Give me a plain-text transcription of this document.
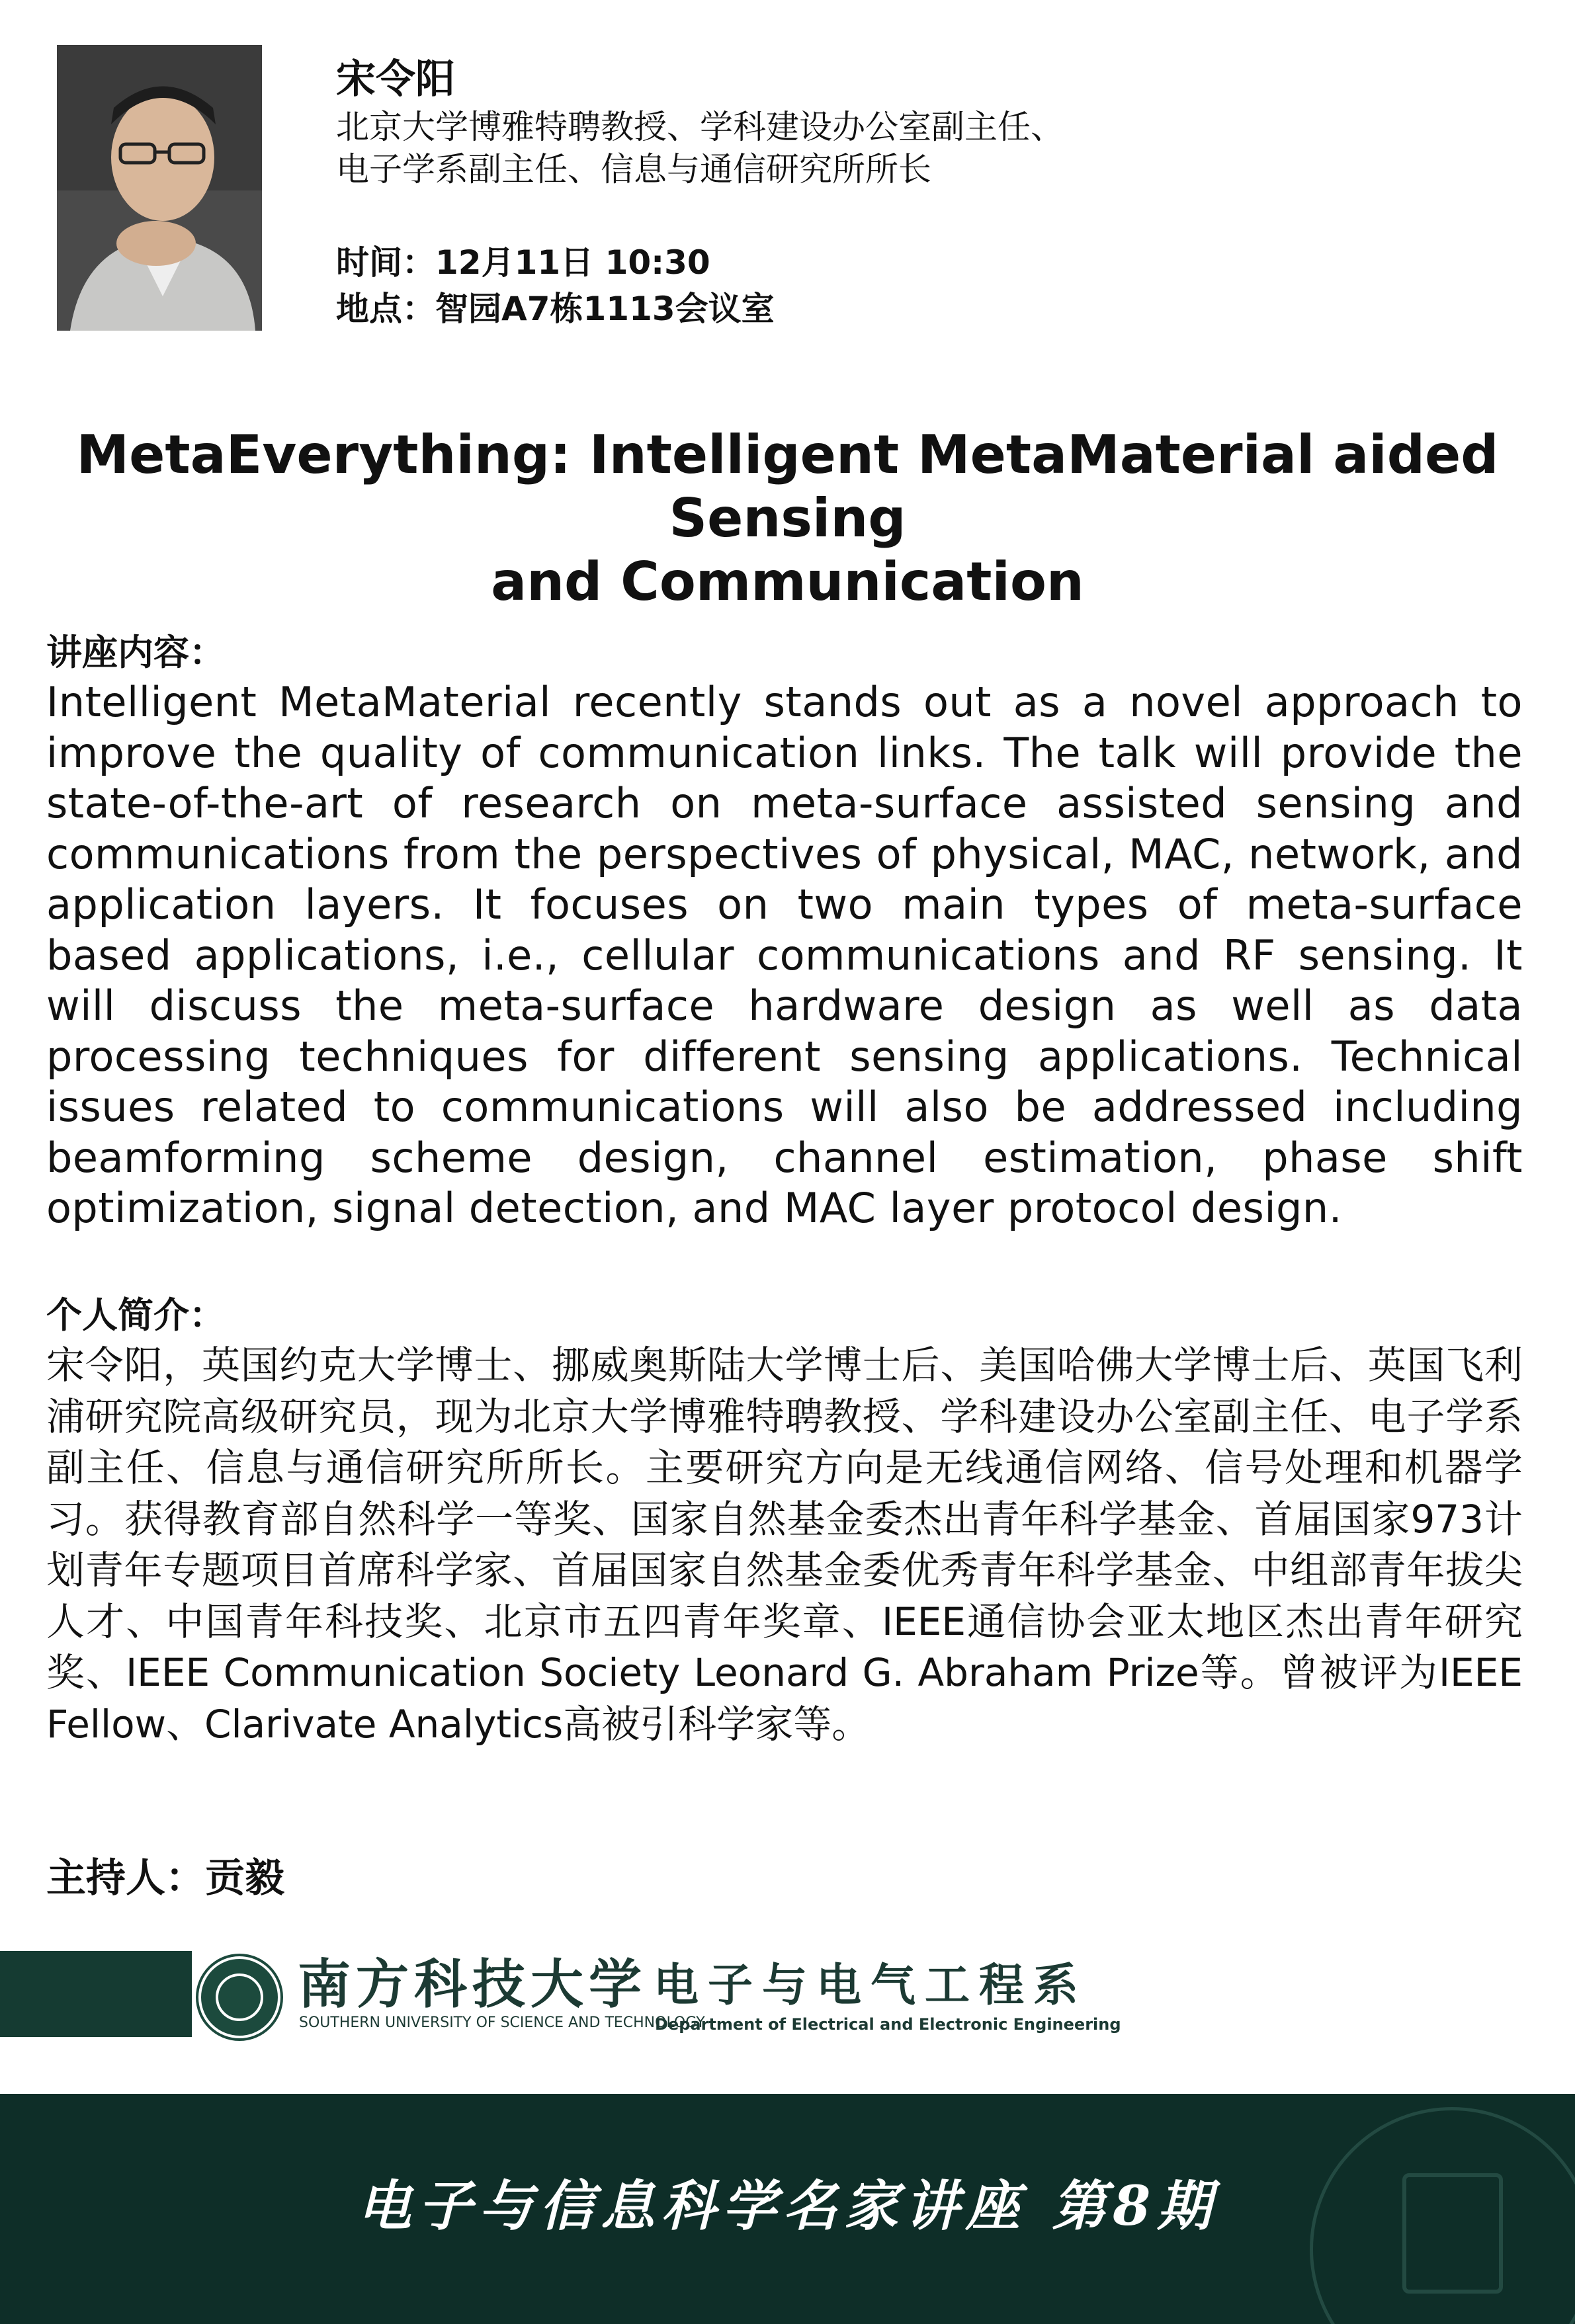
宋令阳
北京大学博雅特聘教授、学科建设办公室副主任、
电子学系副主任、信息与通信研究所所长
时间：12月11日 10:30
地点：智园A7栋1113会议室
MetaEverything: Intelligent MetaMaterial aided Sensing
and Communication
讲座内容：

Intelligent MetaMaterial recently stands out as a novel approach to improve the quality of communication links. The talk will provide the state-of-the-art of research on meta-surface assisted sensing and communications from the perspectives of physical, MAC, network, and application layers. It focuses on two main types of meta-surface based applications, i.e., cellular communications and RF sensing. It will discuss the meta-surface hardware design as well as data processing techniques for different sensing applications. Technical issues related to communications will also be addressed including beamforming scheme design, channel estimation, phase shift optimization, signal detection, and MAC layer protocol design.

个人简介：

宋令阳，英国约克大学博士、挪威奥斯陆大学博士后、美国哈佛大学博士后、英国飞利浦研究院高级研究员，现为北京大学博雅特聘教授、学科建设办公室副主任、电子学系副主任、信息与通信研究所所长。主要研究方向是无线通信网络、信号处理和机器学习。获得教育部自然科学一等奖、国家自然基金委杰出青年科学基金、首届国家973计划青年专题项目首席科学家、首届国家自然基金委优秀青年科学基金、中组部青年拔尖人才、中国青年科技奖、北京市五四青年奖章、IEEE通信协会亚太地区杰出青年研究奖、IEEE Communication Society Leonard G. Abraham Prize等。曾被评为IEEE Fellow、Clarivate Analytics高被引科学家等。

主持人：贡毅
南方科技大学
SOUTHERN UNIVERSITY OF SCIENCE AND TECHNOLOGY
电子与电气工程系
Department of Electrical and Electronic Engineering
电子与信息科学名家讲座 第8期
